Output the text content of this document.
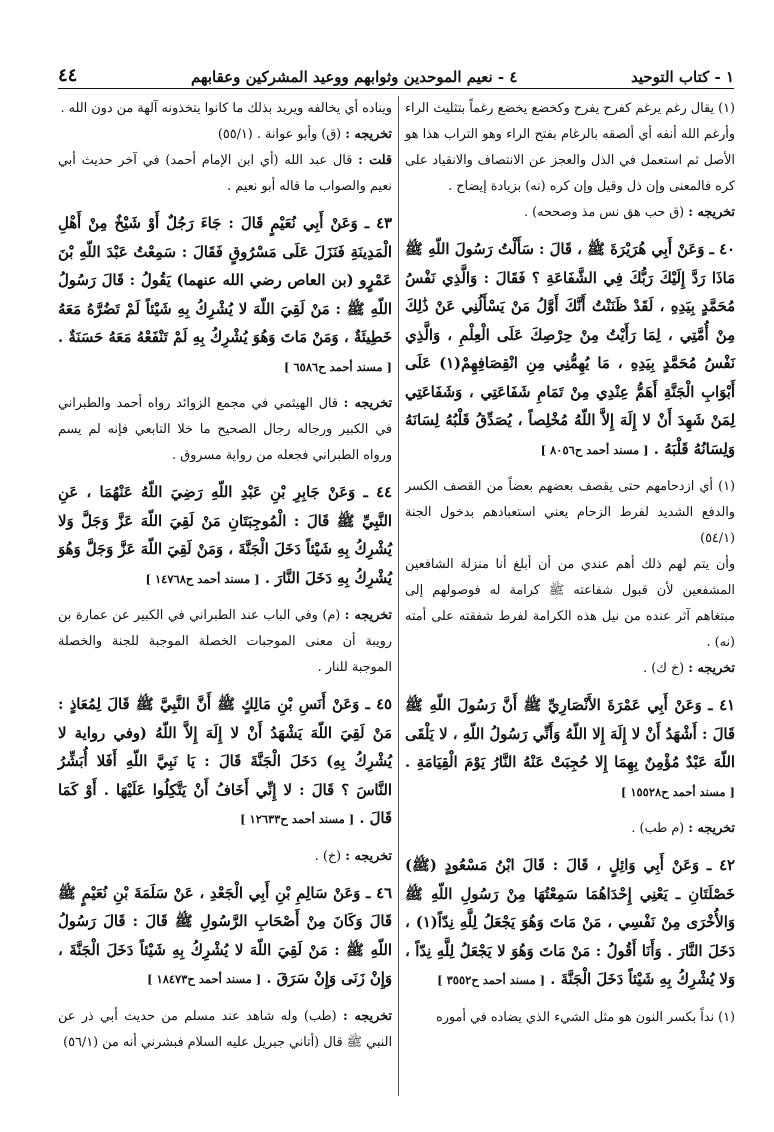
١ - كتاب التوحيد
٤ - نعيم الموحدين وثوابهم ووعيد المشركين وعقابهم
٤٤

(١) يقال رغم يرغم كفرح يفرح وكخضع يخضع رغماً بتثليث الراء وأرغم الله أنفه أي ألصقه بالرغام بفتح الراء وهو التراب هذا هو الأصل ثم استعمل في الذل والعجز عن الانتصاف والانقياد على كره فالمعنى وإن ذل وقيل وإن كره (نه) بزيادة إيضاح .

تخريجه : (ق حب هق نس مذ وصححه) .

٤٠ ـ وَعَنْ أَبِي هُرَيْرَةَ ﷺ ، قَالَ : سَأَلْتُ رَسُولَ اللّهِ ﷺ مَاذَا رَدَّ إِلَيْكَ رَبُّكَ فِي الشَّفَاعَةِ ؟ فَقَالَ : وَالَّذِي نَفْسُ مُحَمَّدٍ بِيَدِهِ ، لَقَدْ ظَنَنْتُ أَنَّكَ أَوَّلُ مَنْ يَسْأَلُنِي عَنْ ذَٰلِكَ مِنْ أُمَّتِي ، لِمَا رَأَيْتُ مِنْ حِرْصِكَ عَلَى الْعِلْمِ ، وَالَّذِي نَفْسُ مُحَمَّدٍ بِيَدِهِ ، مَا يُهِمُّنِي مِنِ انْقِصَافِهِمْ(١) عَلَى أَبْوَابِ الْجَنَّةِ أَهَمُّ عِنْدِي مِنْ تَمَامِ شَفَاعَتِي ، وَشَفَاعَتِي لِمَنْ شَهِدَ أَنْ لا إِلَهَ إِلاَّ اللّهُ مُخْلِصاً ، يُصَدِّقُ قَلْبُهُ لِسَانَهُ وَلِسَانُهُ قَلْبَهُ . [ مسند أحمد ح٨٠٥٦ ]

(١) أي ازدحامهم حتى يقصف بعضهم بعضاً من القصف الكسر والدفع الشديد لفرط الزحام يعني استعبادهم بدخول الجنة (٥٤/١)

وأن يتم لهم ذلك أهم عندي من أن أبلغ أنا منزلة الشافعين المشفعين لأن قبول شفاعته ﷺ كرامة له فوصولهم إلى مبتغاهم آثر عنده من نيل هذه الكرامة لفرط شفقته على أمته (نه) .

تخريجه : (خ ك) .

٤١ ـ وَعَنْ أَبِي عَمْرَةَ الأَنْصَارِيِّ ﷺ أَنَّ رَسُولَ اللّهِ ﷺ قَالَ : أَشْهَدُ أَنْ لا إِلَهَ إِلا اللّهُ وَأَنِّي رَسُولُ اللّهِ ، لا يَلْقَى اللّهَ عَبْدٌ مُؤْمِنٌ بِهِمَا إِلا حُجِبَتْ عَنْهُ النَّارُ يَوْمَ الْقِيَامَةِ . [ مسند أحمد ح١٥٥٢٨ ]

تخريجه : (م طب) .

٤٢ ـ وَعَنْ أَبِي وَائِلٍ ، قَالَ : قَالَ ابْنُ مَسْعُودٍ (ﷺ) خَصْلَتَانِ ـ يَعْنِي إِحْدَاهُمَا سَمِعْتُهَا مِنْ رَسُولِ اللّهِ ﷺ وَالأُخْرَى مِنْ نَفْسِي ، مَنْ مَاتَ وَهُوَ يَجْعَلُ لِلَّهِ نِدّاً(١) ، دَخَلَ النَّارَ . وَأَنَا أَقُولُ : مَنْ مَاتَ وَهُوَ لا يَجْعَلُ لِلَّهِ نِدّاً ، وَلا يُشْرِكُ بِهِ شَيْئاً دَخَلَ الْجَنَّةَ . [ مسند أحمد ح٣٥٥٢ ]

(١) نداً بكسر النون هو مثل الشيء الذي يضاده في أموره

ويناده أي يخالفه ويريد بذلك ما كانوا يتخذونه آلهة من دون الله .

تخريجه : (ق) وأبو عوانة . (٥٥/١)

قلت : قال عبد الله (أي ابن الإمام أحمد) في آخر حديث أبي نعيم والصواب ما قاله أبو نعيم .

٤٣ ـ وَعَنْ أَبِي نُعَيْمٍ قَالَ : جَاءَ رَجُلٌ أَوْ شَيْخٌ مِنْ أَهْلِ الْمَدِينَةِ فَنَزَلَ عَلَى مَسْرُوقٍ فَقَالَ : سَمِعْتُ عَبْدَ اللّهِ بْنَ عَمْرٍو (بن العاص رضي الله عنهما) يَقُولُ : قَالَ رَسُولُ اللّهِ ﷺ : مَنْ لَقِيَ اللّهَ لا يُشْرِكُ بِهِ شَيْئاً لَمْ تَضُرَّهُ مَعَهُ خَطِيئَةٌ ، وَمَنْ مَاتَ وَهُوَ يُشْرِكُ بِهِ لَمْ تَنْفَعْهُ مَعَهُ حَسَنَةٌ . [ مسند أحمد ح٦٥٨٦ ]

تخريجه : قال الهيثمي في مجمع الزوائد رواه أحمد والطبراني في الكبير ورجاله رجال الصحيح ما خلا التابعي فإنه لم يسم ورواه الطبراني فجعله من رواية مسروق .

٤٤ ـ وَعَنْ جَابِرِ بْنِ عَبْدِ اللّهِ رَضِيَ اللّهُ عَنْهُمَا ، عَنِ النَّبِيِّ ﷺ قَالَ : الْمُوجِبَتَانِ مَنْ لَقِيَ اللّهَ عَزَّ وَجَلَّ وَلا يُشْرِكُ بِهِ شَيْئاً دَخَلَ الْجَنَّةَ ، وَمَنْ لَقِيَ اللّهَ عَزَّ وَجَلَّ وَهُوَ يُشْرِكُ بِهِ دَخَلَ النَّارَ . [ مسند أحمد ح١٤٧٦٨ ]

تخريجه : (م) وفي الباب عند الطبراني في الكبير عن عمارة بن رويبة أن معنى الموجبات الخصلة الموجبة للجنة والخصلة الموجبة للنار .

٤٥ ـ وَعَنْ أَنَسِ بْنِ مَالِكٍ ﷺ أَنَّ النَّبِيَّ ﷺ قَالَ لِمُعَاذٍ : مَنْ لَقِيَ اللّهَ يَشْهَدُ أَنْ لا إِلَهَ إِلاَّ اللّهُ (وفي رواية لا يُشْرِكُ بِهِ) دَخَلَ الْجَنَّةَ قَالَ : يَا نَبِيَّ اللّهِ أَفَلا أُبَشِّرُ النَّاسَ ؟ قَالَ : لا إِنِّي أَخَافُ أَنْ يَتَّكِلُوا عَلَيْهَا . أَوْ كَمَا قَالَ . [ مسند أحمد ح١٢٦٣٣ ]

تخريجه : (خ) .

٤٦ ـ وَعَنْ سَالِمِ بْنِ أَبِي الْجَعْدِ ، عَنْ سَلَمَةَ بْنِ نُعَيْمٍ ﷺ قَالَ وَكَانَ مِنْ أَصْحَابِ الرَّسُولِ ﷺ قَالَ : قَالَ رَسُولُ اللّهِ ﷺ : مَنْ لَقِيَ اللّهَ لا يُشْرِكُ بِهِ شَيْئاً دَخَلَ الْجَنَّةَ ، وَإِنْ زَنَى وَإِنْ سَرَقَ . [ مسند أحمد ح١٨٤٧٣ ]

تخريجه : (طب) وله شاهد عند مسلم من حديث أبي ذر عن النبي ﷺ قال (أتاني جبريل عليه السلام فبشرني أنه من (٥٦/١)
